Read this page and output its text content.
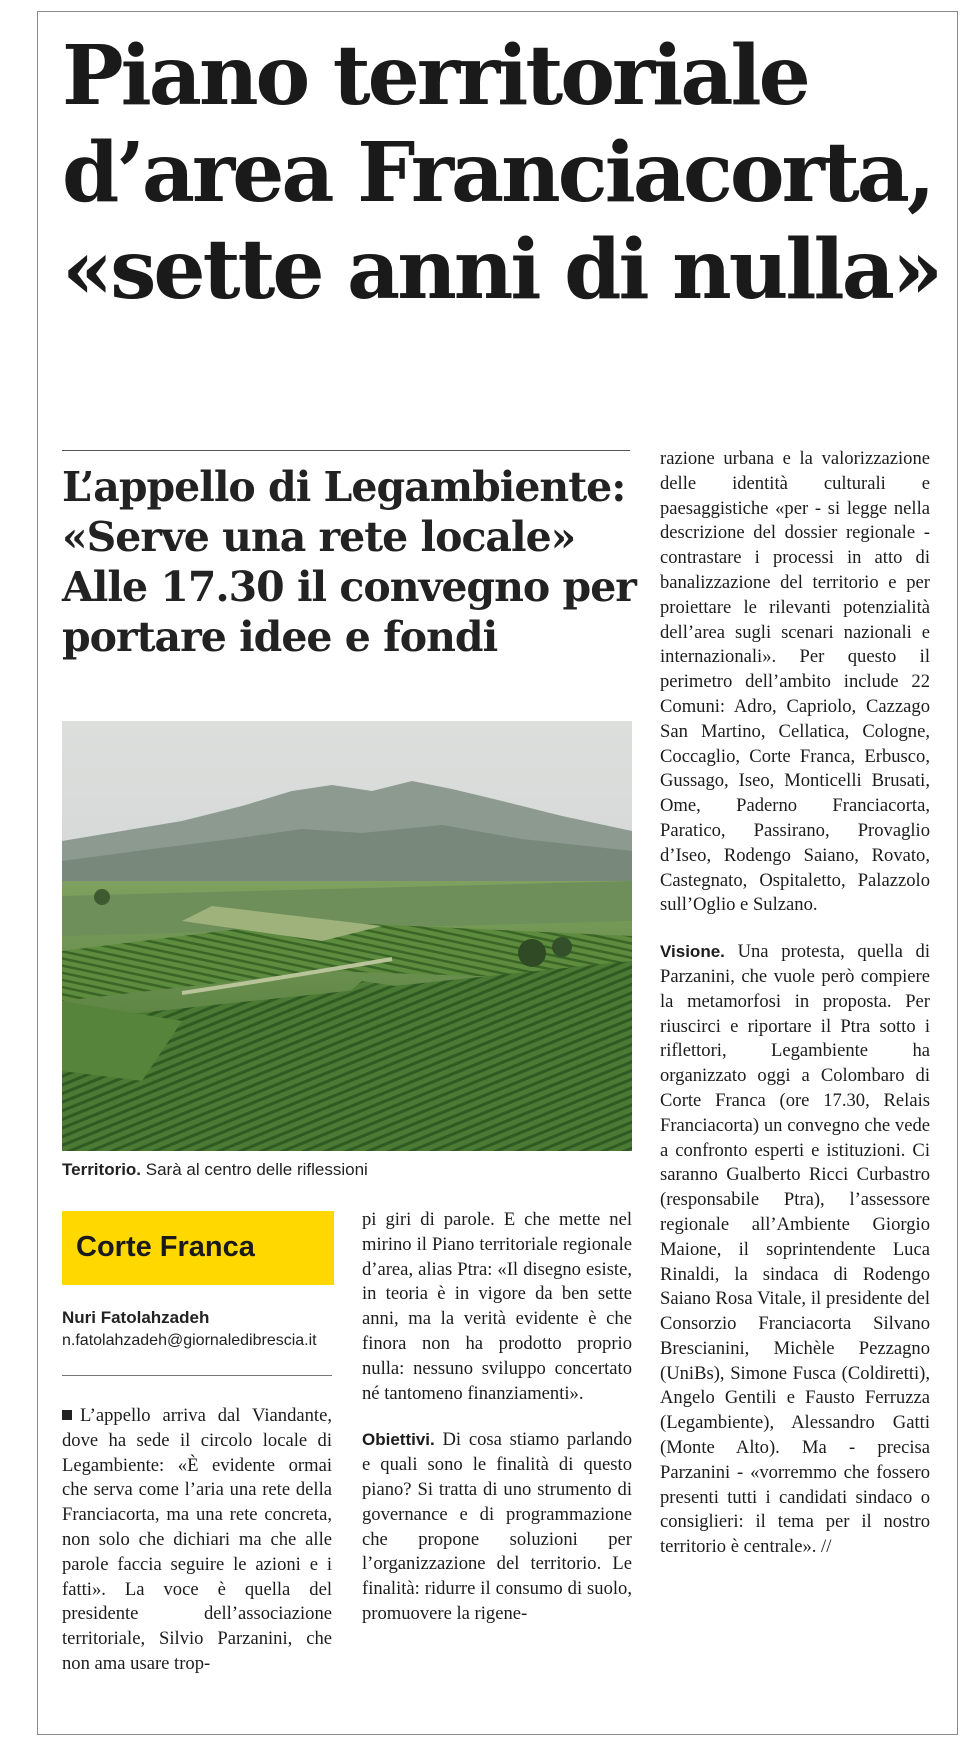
Piano territoriale d’area Franciacorta, «sette anni di nulla»
L’appello di Legambiente: «Serve una rete locale» Alle 17.30 il convegno per portare idee e fondi
Territorio. Sarà al centro delle riflessioni
Corte Franca
Nuri Fatolahzadeh
n.fatolahzadeh@giornaledibrescia.it

L’appello arriva dal Viandante, dove ha sede il circolo locale di Legambiente: «È evidente ormai che serva come l’aria una rete della Franciacorta, ma una rete concreta, non solo che dichiari ma che alle parole faccia seguire le azioni e i fatti». La voce è quella del presidente dell’associazione territoriale, Silvio Parzanini, che non ama usare trop-

pi giri di parole. E che mette nel mirino il Piano territoriale regionale d’area, alias Ptra: «Il disegno esiste, in teoria è in vigore da ben sette anni, ma la verità evidente è che finora non ha prodotto proprio nulla: nessuno sviluppo concertato né tantomeno finanziamenti».

Obiettivi. Di cosa stiamo parlando e quali sono le finalità di questo piano? Si tratta di uno strumento di governance e di programmazione che propone soluzioni per l’organizzazione del territorio. Le finalità: ridurre il consumo di suolo, promuovere la rigene-

razione urbana e la valorizzazione delle identità culturali e paesaggistiche «per - si legge nella descrizione del dossier regionale - contrastare i processi in atto di banalizzazione del territorio e per proiettare le rilevanti potenzialità dell’area sugli scenari nazionali e internazionali». Per questo il perimetro dell’ambito include 22 Comuni: Adro, Capriolo, Cazzago San Martino, Cellatica, Cologne, Coccaglio, Corte Franca, Erbusco, Gussago, Iseo, Monticelli Brusati, Ome, Paderno Franciacorta, Paratico, Passirano, Provaglio d’Iseo, Rodengo Saiano, Rovato, Castegnato, Ospitaletto, Palazzolo sull’Oglio e Sulzano.

Visione. Una protesta, quella di Parzanini, che vuole però compiere la metamorfosi in proposta. Per riuscirci e riportare il Ptra sotto i riflettori, Legambiente ha organizzato oggi a Colombaro di Corte Franca (ore 17.30, Relais Franciacorta) un convegno che vede a confronto esperti e istituzioni. Ci saranno Gualberto Ricci Curbastro (responsabile Ptra), l’assessore regionale all’Ambiente Giorgio Maione, il soprintendente Luca Rinaldi, la sindaca di Rodengo Saiano Rosa Vitale, il presidente del Consorzio Franciacorta Silvano Brescianini, Michèle Pezzagno (UniBs), Simone Fusca (Coldiretti), Angelo Gentili e Fausto Ferruzza (Legambiente), Alessandro Gatti (Monte Alto). Ma - precisa Parzanini - «vorremmo che fossero presenti tutti i candidati sindaco o consiglieri: il tema per il nostro territorio è centrale». //
